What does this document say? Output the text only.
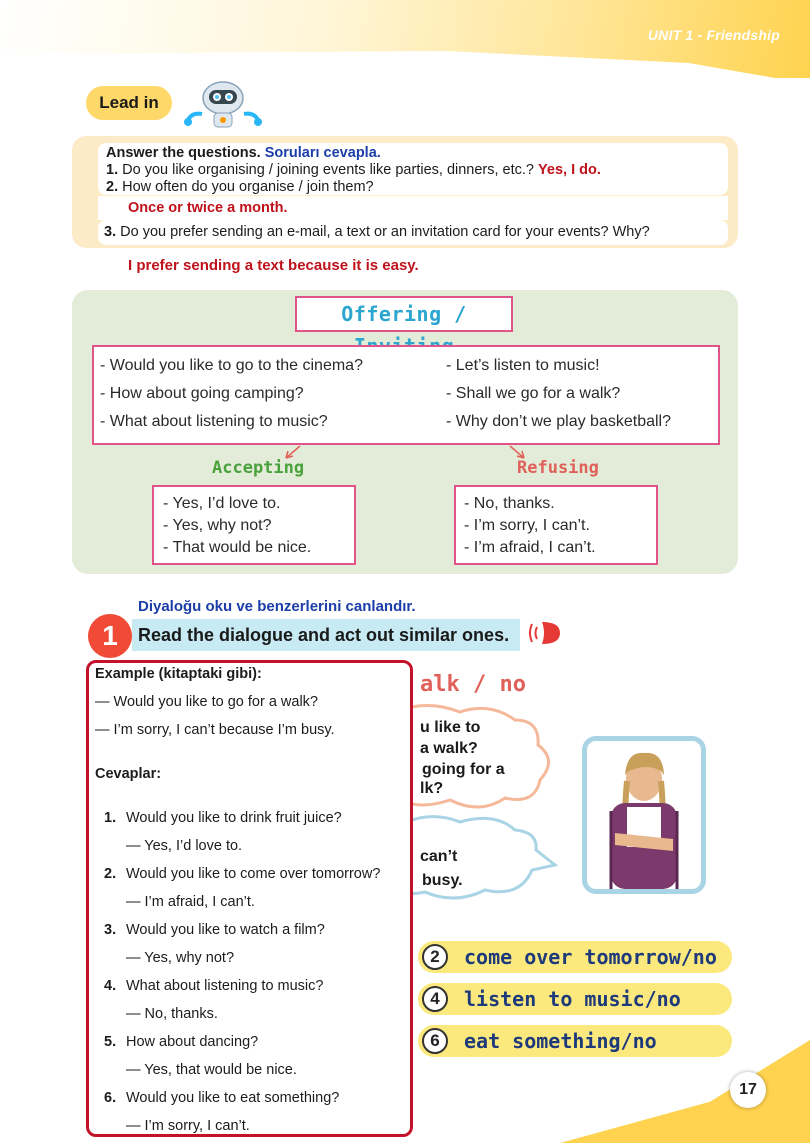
UNIT 1 - Friendship
Lead in
Answer the questions. Soruları cevapla.
1. Do you like organising / joining events like parties, dinners, etc.? Yes, I do.
2. How often do you organise / join them?
Once or twice a month.
3. Do you prefer sending an e-mail, a text or an invitation card for your events? Why?
I prefer sending a text because it is easy.
Offering /
- Would you like to go to the cinema?
- How about going camping?
- What about listening to music?
- Let’s listen to music!
- Shall we go for a walk?
- Why don’t we play basketball?
Accepting	Refusing
- Yes, I’d love to.
- Yes, why not?
- That would be nice.
- No, thanks.
- I’m sorry, I can’t.
- I’m afraid, I can’t.
Diyaloğu oku ve benzerlerini canlandır.
Read the dialogue and act out similar ones.
1
alk / no
u like to
a walk?
going for a
lk?
can’t
busy.
2	come over tomorrow/no
4	listen to music/no
6	eat something/no
Example (kitaptaki gibi):
— Would you like to go for a walk?
— I’m sorry, I can’t because I’m busy.
Cevaplar:
1. Would you like to drink fruit juice?
— Yes, I’d love to.
2. Would you like to come over tomorrow?
— I’m afraid, I can’t.
3. Would you like to watch a film?
— Yes, why not?
4. What about listening to music?
— No, thanks.
5. How about dancing?
— Yes, that would be nice.
6. Would you like to eat something?
— I’m sorry, I can’t.
17
